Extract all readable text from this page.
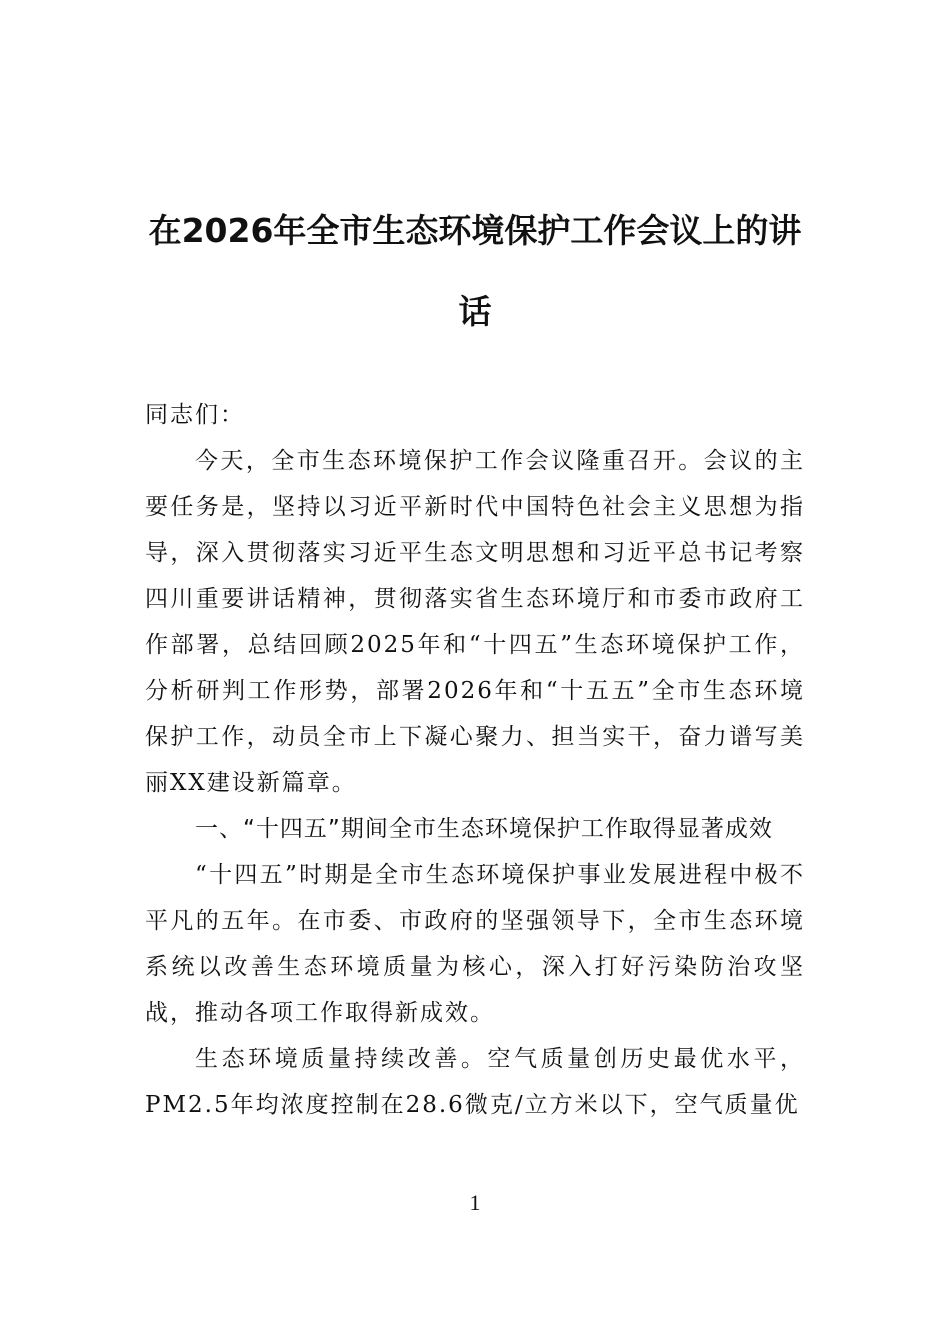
在2026年全市生态环境保护工作会议上的讲话

同志们：

今天，全市生态环境保护工作会议隆重召开。会议的主要任务是，坚持以习近平新时代中国特色社会主义思想为指导，深入贯彻落实习近平生态文明思想和习近平总书记考察四川重要讲话精神，贯彻落实省生态环境厅和市委市政府工作部署，总结回顾2025年和“十四五”生态环境保护工作，分析研判工作形势，部署2026年和“十五五”全市生态环境保护工作，动员全市上下凝心聚力、担当实干，奋力谱写美丽XX建设新篇章。

一、“十四五”期间全市生态环境保护工作取得显著成效

“十四五”时期是全市生态环境保护事业发展进程中极不平凡的五年。在市委、市政府的坚强领导下，全市生态环境系统以改善生态环境质量为核心，深入打好污染防治攻坚战，推动各项工作取得新成效。

生态环境质量持续改善。空气质量创历史最优水平，PM2.5年均浓度控制在28.6微克/立方米以下，空气质量优

1
